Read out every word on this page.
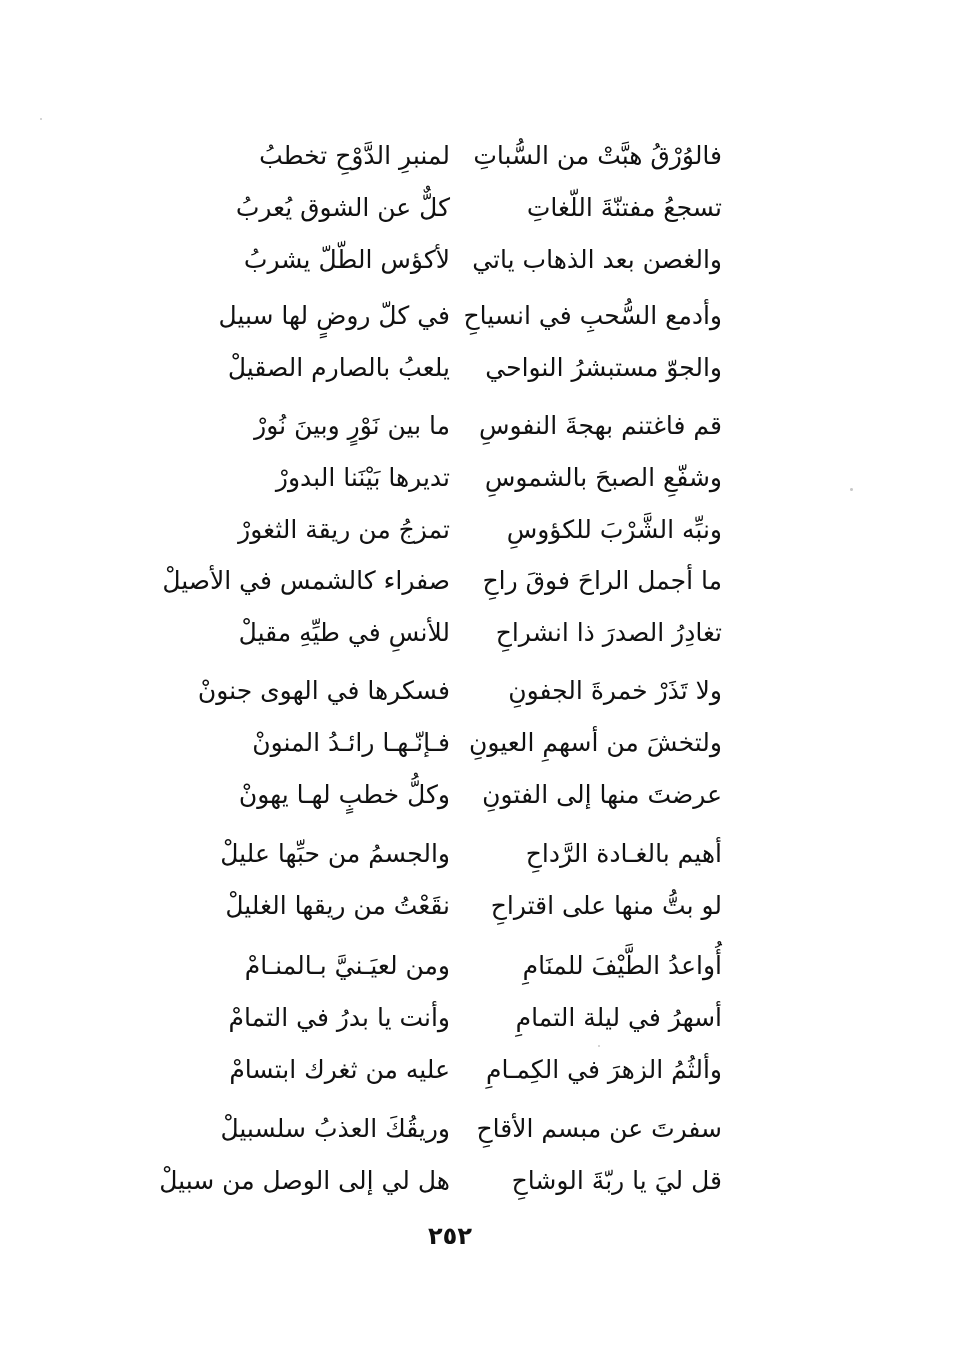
فالوُرْقُ هبَّتْ من السُّباتِ
لمنبرِ الدَّوْحِ تخطبُ
تسجعُ مفتنّةَ اللّغاتِ
كلٌّ عن الشوق يُعربُ
والغصن بعد الذهاب ياتي
لأكؤس الطّلّ يشربُ
وأدمع السُّحبِ في انسياحِ
في كلّ روضٍ لها سبيل
والجوّ مستبشرُ النواحي
يلعبُ بالصارم الصقيلْ
قم فاغتنم بهجةَ النفوسِ
ما بين نَوْرٍ وبينَ نُورْ
وشفّعِ الصبحَ بالشموسِ
تديرها بَيْنَنا البدورْ
ونبِّه الشَّرْبَ للكؤوسِ
تمزجُ من ريقة الثغورْ
ما أجمل الراحَ فوقَ راحِ
صفراء كالشمس في الأصيلْ
تغادِرُ الصدرَ ذا انشراحِ
للأنسِ في طيِّهِ مقيلْ
ولا تَذَرْ خمرةَ الجفونِ
فسكرها في الهوى جنونْ
ولتخشَ من أسهمِ العيونِ
فـإنّـهـا رائـدُ المنونْ
عرضتَ منها إلى الفتونِ
وكلُّ خطبٍ لهـا يهونْ
أهيم بالغـادة الرَّداحِ
والجسمُ من حبِّها عليلْ
لو بتُّ منها على اقتراحِ
نقَعْتُ من ريقها الغليلْ
أُواعدُ الطَّيْفَ للمنَامِ
ومن لعيَـنيَّ بـالمنـامْ
أسهرُ في ليلة التمامِ
وأنت يا بدرُ في التمامْ
وألثُمُ الزهرَ في الكِمـامِ
عليه من ثغرك ابتسامْ
سفرتَ عن مبسم الأقاحِ
وريقُكَ العذبُ سلسبيلْ
قل ليَ يا ربّةَ الوشاحِ
هل لي إلى الوصل من سبيلْ
٢٥٢
